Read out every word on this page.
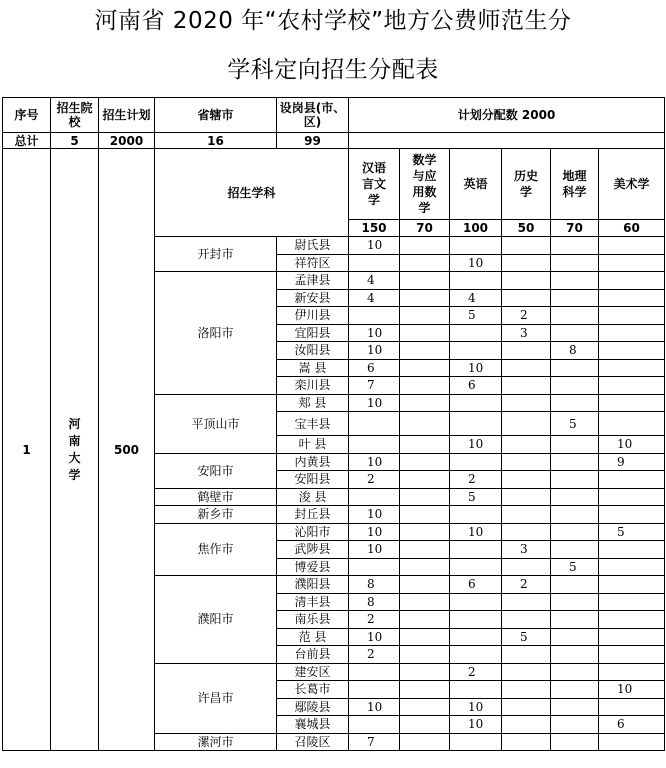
河南省 2020 年“农村学校”地方公费师范生分
学科定向招生分配表
序号	招生院校	招生计划	省辖市	设岗县(市、区)	计划分配数 2000					
总计	5	2000	16	99						
1	河
南
大
学	500	招生学科		汉语
言文
学	数学
与应
用数
学	英语	历史
学	地理
科学	美术学
					150	70	100	50	70	60
			开封市	尉氏县	10					
				祥符区			10			
			洛阳市	孟津县	4					
				新安县	4		4			
				伊川县			5	2		
				宜阳县	10			3		
				汝阳县	10				8	
				嵩 县	6		10			
				栾川县	7		6			
			平顶山市	郏 县	10					
				宝丰县					5	
				叶 县			10			10
			安阳市	内黄县	10					9
				安阳县	2		2			
			鹤壁市	浚 县			5			
			新乡市	封丘县	10					
			焦作市	沁阳市	10		10			5
				武陟县	10			3		
				博爱县					5	
			濮阳市	濮阳县	8		6	2		
				清丰县	8					
				南乐县	2					
				范 县	10			5		
				台前县	2					
			许昌市	建安区			2			
				长葛市						10
				鄢陵县	10		10			
				襄城县			10			6
			漯河市	召陵区	7					
